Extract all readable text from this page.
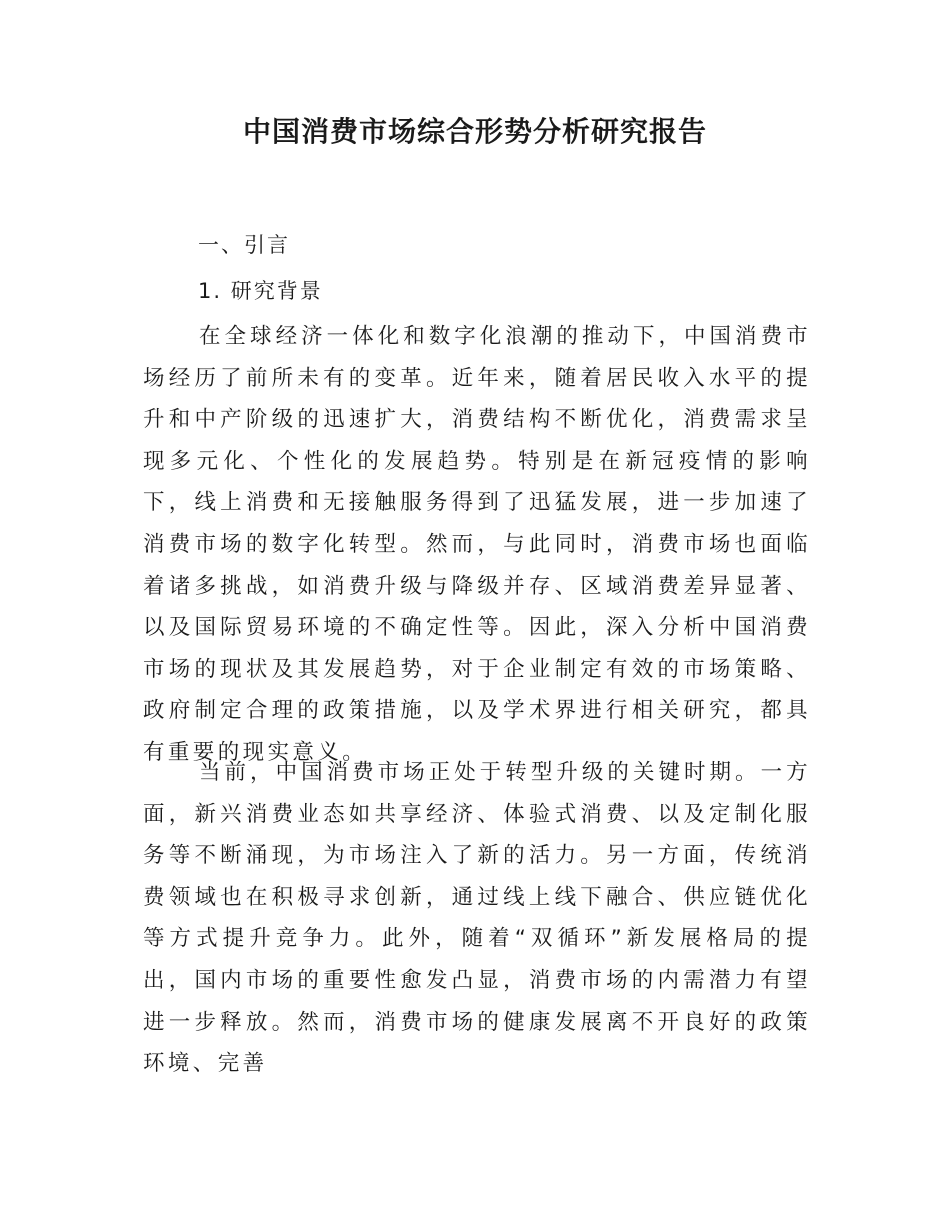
中国消费市场综合形势分析研究报告
一、引言
1. 研究背景

在全球经济一体化和数字化浪潮的推动下，中国消费市场经历了前所未有的变革。近年来，随着居民收入水平的提升和中产阶级的迅速扩大，消费结构不断优化，消费需求呈现多元化、个性化的发展趋势。特别是在新冠疫情的影响下，线上消费和无接触服务得到了迅猛发展，进一步加速了消费市场的数字化转型。然而，与此同时，消费市场也面临着诸多挑战，如消费升级与降级并存、区域消费差异显著、以及国际贸易环境的不确定性等。因此，深入分析中国消费市场的现状及其发展趋势，对于企业制定有效的市场策略、政府制定合理的政策措施，以及学术界进行相关研究，都具有重要的现实意义。

当前，中国消费市场正处于转型升级的关键时期。一方面，新兴消费业态如共享经济、体验式消费、以及定制化服务等不断涌现，为市场注入了新的活力。另一方面，传统消费领域也在积极寻求创新，通过线上线下融合、供应链优化等方式提升竞争力。此外，随着“双循环”新发展格局的提出，国内市场的重要性愈发凸显，消费市场的内需潜力有望进一步释放。然而，消费市场的健康发展离不开良好的政策环境、完善
